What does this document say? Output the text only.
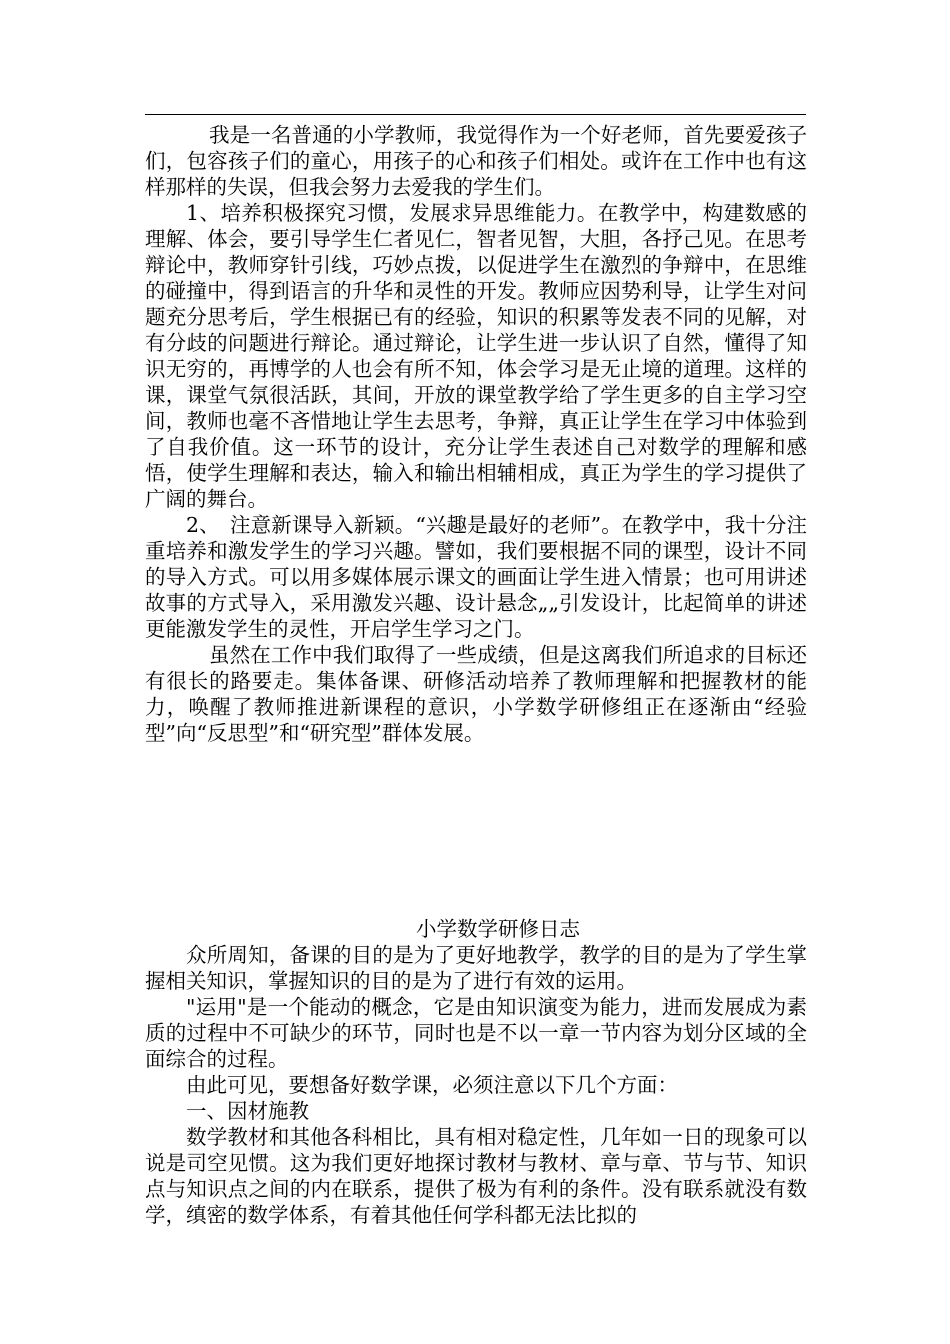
我是一名普通的小学教师，我觉得作为一个好老师，首先要爱孩子们，包容孩子们的童心，用孩子的心和孩子们相处。或许在工作中也有这样那样的失误，但我会努力去爱我的学生们。

1、培养积极探究习惯，发展求异思维能力。在教学中，构建数感的理解、体会，要引导学生仁者见仁，智者见智，大胆，各抒己见。在思考辩论中，教师穿针引线，巧妙点拨，以促进学生在激烈的争辩中，在思维的碰撞中，得到语言的升华和灵性的开发。教师应因势利导，让学生对问题充分思考后，学生根据已有的经验，知识的积累等发表不同的见解，对有分歧的问题进行辩论。通过辩论，让学生进一步认识了自然，懂得了知识无穷的，再博学的人也会有所不知，体会学习是无止境的道理。这样的课，课堂气氛很活跃，其间，开放的课堂教学给了学生更多的自主学习空间，教师也毫不吝惜地让学生去思考，争辩，真正让学生在学习中体验到了自我价值。这一环节的设计，充分让学生表述自己对数学的理解和感悟，使学生理解和表达，输入和输出相辅相成，真正为学生的学习提供了广阔的舞台。

2、　注意新课导入新颖。“兴趣是最好的老师”。在教学中，我十分注重培养和激发学生的学习兴趣。譬如，我们要根据不同的课型，设计不同的导入方式。可以用多媒体展示课文的画面让学生进入情景；也可用讲述故事的方式导入，采用激发兴趣、设计悬念„„引发设计，比起简单的讲述更能激发学生的灵性，开启学生学习之门。

虽然在工作中我们取得了一些成绩，但是这离我们所追求的目标还有很长的路要走。集体备课、研修活动培养了教师理解和把握教材的能力，唤醒了教师推进新课程的意识，小学数学研修组正在逐渐由“经验型”向“反思型”和“研究型”群体发展。

小学数学研修日志

众所周知，备课的目的是为了更好地教学，教学的目的是为了学生掌握相关知识，掌握知识的目的是为了进行有效的运用。

"运用"是一个能动的概念，它是由知识演变为能力，进而发展成为素质的过程中不可缺少的环节，同时也是不以一章一节内容为划分区域的全面综合的过程。

由此可见，要想备好数学课，必须注意以下几个方面：

一、因材施教

数学教材和其他各科相比，具有相对稳定性，几年如一日的现象可以说是司空见惯。这为我们更好地探讨教材与教材、章与章、节与节、知识点与知识点之间的内在联系，提供了极为有利的条件。没有联系就没有数学，缜密的数学体系，有着其他任何学科都无法比拟的
